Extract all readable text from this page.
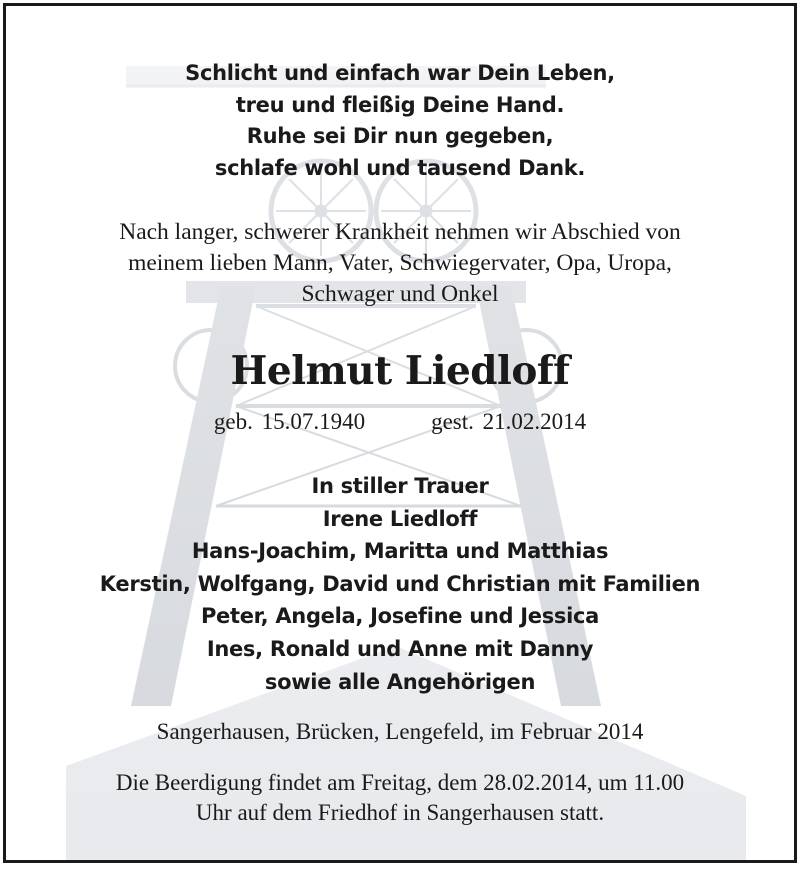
Schlicht und einfach war Dein Leben,
treu und fleißig Deine Hand.
Ruhe sei Dir nun gegeben,
schlafe wohl und tausend Dank.
Nach langer, schwerer Krankheit nehmen wir Abschied von
meinem lieben Mann, Vater, Schwiegervater, Opa, Uropa,
Schwager und Onkel
Helmut Liedloff
geb. 15.07.1940	gest. 21.02.2014
In stiller Trauer
Irene Liedloff
Hans-Joachim, Maritta und Matthias
Kerstin, Wolfgang, David und Christian mit Familien
Peter, Angela, Josefine und Jessica
Ines, Ronald und Anne mit Danny
sowie alle Angehörigen
Sangerhausen, Brücken, Lengefeld, im Februar 2014
Die Beerdigung findet am Freitag, dem 28.02.2014, um 11.00
Uhr auf dem Friedhof in Sangerhausen statt.
